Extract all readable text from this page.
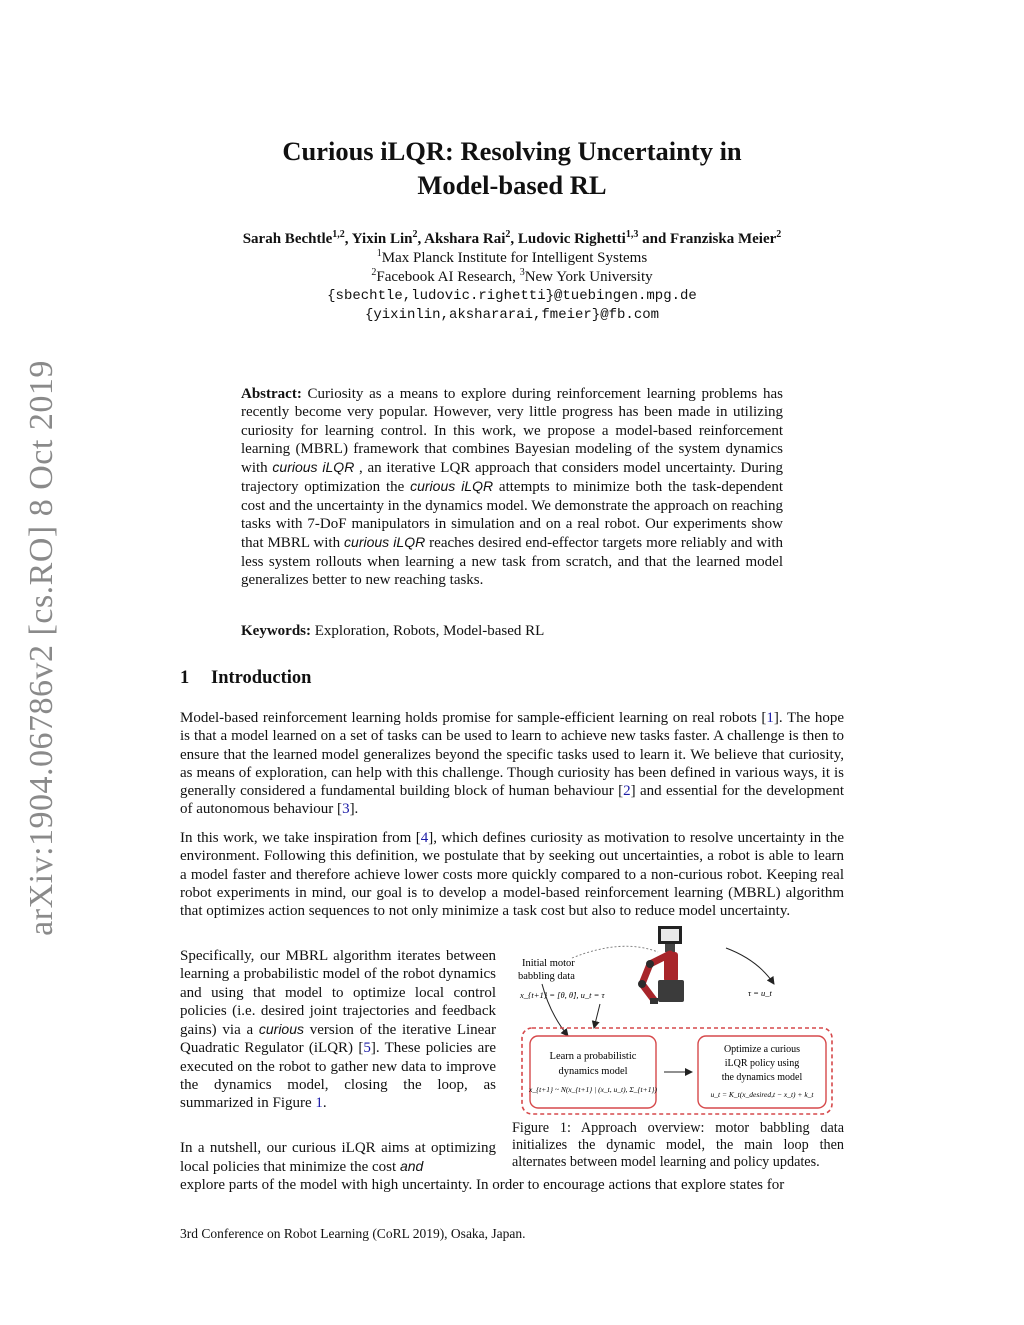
arXiv:1904.06786v2 [cs.RO] 8 Oct 2019
Curious iLQR: Resolving Uncertainty in
Model-based RL
Sarah Bechtle$^{1,2}$, Yixin Lin$^2$, Akshara Rai$^2$, Ludovic Righetti$^{1,3}$ and Franziska Meier$^2$
$^1$Max Planck Institute for Intelligent Systems
$^2$Facebook AI Research, $^3$New York University
{sbechtle,ludovic.righetti}@tuebingen.mpg.de
{yixinlin,akshararai,fmeier}@fb.com
Abstract: Curiosity as a means to explore during reinforcement learning problems has recently become very popular. However, very little progress has been made in utilizing curiosity for learning control. In this work, we propose a model-based reinforcement learning (MBRL) framework that combines Bayesian modeling of the system dynamics with curious iLQR , an iterative LQR approach that considers model uncertainty. During trajectory optimization the curious iLQR attempts to minimize both the task-dependent cost and the uncertainty in the dynamics model. We demonstrate the approach on reaching tasks with 7-DoF manipulators in simulation and on a real robot. Our experiments show that MBRL with curious iLQR reaches desired end-effector targets more reliably and with less system rollouts when learning a new task from scratch, and that the learned model generalizes better to new reaching tasks.
Keywords: Exploration, Robots, Model-based RL
1 Introduction
Model-based reinforcement learning holds promise for sample-efficient learning on real robots [1]. The hope is that a model learned on a set of tasks can be used to learn to achieve new tasks faster. A challenge is then to ensure that the learned model generalizes beyond the specific tasks used to learn it. We believe that curiosity, as means of exploration, can help with this challenge. Though curiosity has been defined in various ways, it is generally considered a fundamental building block of human behaviour [2] and essential for the development of autonomous behaviour [3].
In this work, we take inspiration from [4], which defines curiosity as motivation to resolve uncertainty in the environment. Following this definition, we postulate that by seeking out uncertainties, a robot is able to learn a model faster and therefore achieve lower costs more quickly compared to a non-curious robot. Keeping real robot experiments in mind, our goal is to develop a model-based reinforcement learning (MBRL) algorithm that optimizes action sequences to not only minimize a task cost but also to reduce model uncertainty.
Specifically, our MBRL algorithm iterates between learning a probabilistic model of the robot dynamics and using that model to optimize local control policies (i.e. desired joint trajectories and feedback gains) via a curious version of the iterative Linear Quadratic Regulator (iLQR) [5]. These policies are executed on the robot to gather new data to improve the dynamics model, closing the loop, as summarized in Figure 1.
In a nutshell, our curious iLQR aims at optimizing local policies that minimize the cost and
explore parts of the model with high uncertainty. In order to encourage actions that explore states for
Initial motor
babbling data
x_{t+1} = [θ, θ̇], u_t = τ	τ = u_t
Learn a probabilistic
dynamics model
x_{t+1} ~ N(x_{t+1} | (x_t, u_t), Σ_{t+1})
Optimize a curious
iLQR policy using
the dynamics model
u_t = K_t(x_desired,t − x_t) + k_t
Figure 1: Approach overview: motor babbling data initializes the dynamic model, the main loop then alternates between model learning and policy updates.
3rd Conference on Robot Learning (CoRL 2019), Osaka, Japan.
